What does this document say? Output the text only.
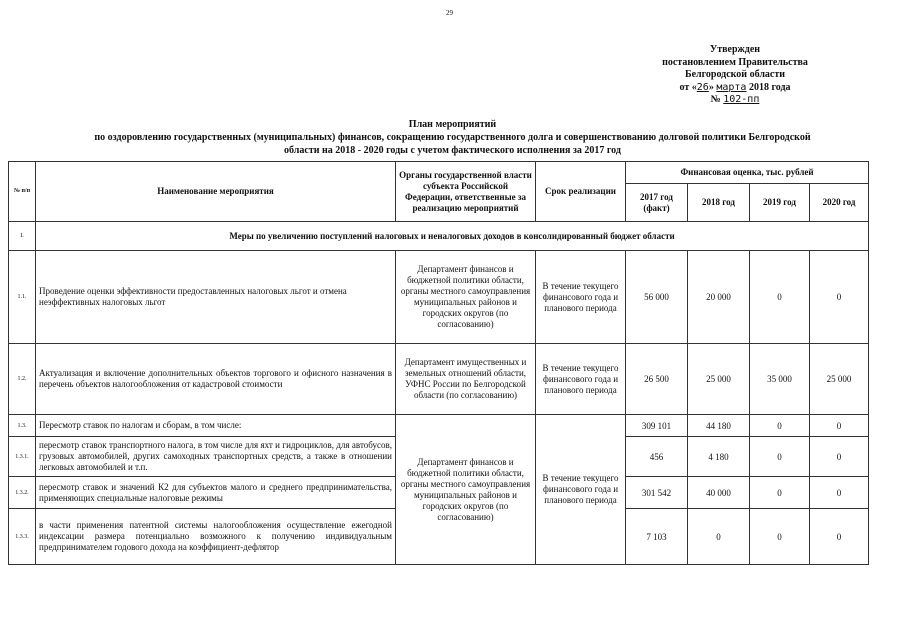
29
Утвержден
постановлением Правительства
Белгородской области
от «26» марта 2018 года
№ 102-пп
План мероприятий
по оздоровлению государственных (муниципальных) финансов, сокращению государственного долга и совершенствованию долговой политики Белгородской
области на 2018 - 2020 годы с учетом фактического исполнения за 2017 год
№ п/п	Наименование мероприятия	Органы государственной власти субъекта Российской Федерации, ответственные за реализацию мероприятий	Срок реализации	Финансовая оценка, тыс. рублей			
				2017 год (факт)	2018 год	2019 год	2020 год
I.	Меры по увеличению поступлений налоговых и неналоговых доходов в консолидированный бюджет области						
1.1.	Проведение оценки эффективности предоставленных налоговых льгот и отмена неэффективных налоговых льгот	Департамент финансов и бюджетной политики области, органы местного самоуправления муниципальных районов и городских округов (по согласованию)	В течение текущего финансового года и планового периода	56 000	20 000	0	0
1.2.	Актуализация и включение дополнительных объектов торгового и офисного назначения в перечень объектов налогообложения от кадастровой стоимости	Департамент имущественных и земельных отношений области, УФНС России по Белгородской области (по согласованию)	В течение текущего финансового года и планового периода	26 500	25 000	35 000	25 000
1.3.	Пересмотр ставок по налогам и сборам, в том числе:	Департамент финансов и бюджетной политики области, органы местного самоуправления муниципальных районов и городских округов (по согласованию)	В течение текущего финансового года и планового периода	309 101	44 180	0	0
1.3.1.	пересмотр ставок транспортного налога, в том числе для яхт и гидроциклов, для автобусов, грузовых автомобилей, других самоходных транспортных средств, а также в отношении легковых автомобилей и т.п.			456	4 180	0	0
1.3.2.	пересмотр ставок и значений К2 для субъектов малого и среднего предпринимательства, применяющих специальные налоговые режимы			301 542	40 000	0	0
1.3.3.	в части применения патентной системы налогообложения осуществление ежегодной индексации размера потенциально возможного к получению индивидуальным предпринимателем годового дохода на коэффициент-дефлятор			7 103	0	0	0
